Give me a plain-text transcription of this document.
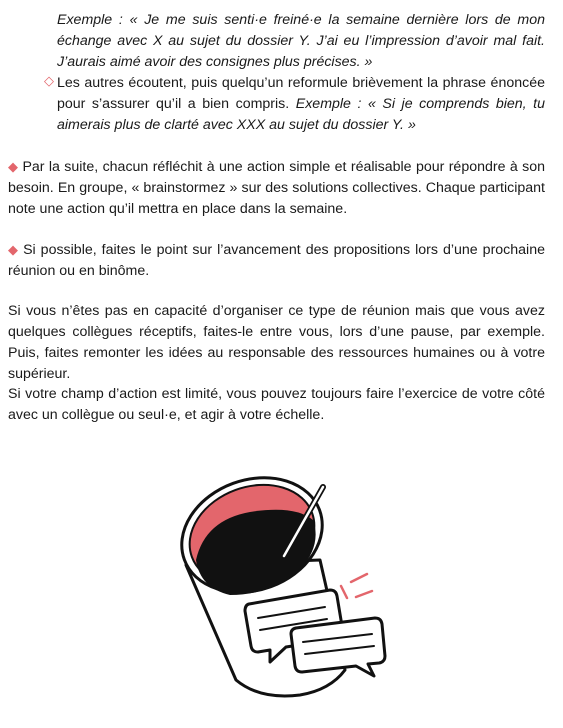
Exemple : « Je me suis senti·e freiné·e la semaine dernière lors de mon échange avec X au sujet du dossier Y. J’ai eu l’impression d’avoir mal fait. J’aurais aimé avoir des consignes plus précises. »
◇ Les autres écoutent, puis quelqu’un reformule brièvement la phrase énoncée pour s’assurer qu’il a bien compris. Exemple : « Si je comprends bien, tu aimerais plus de clarté avec XXX au sujet du dossier Y. »
◆ Par la suite, chacun réfléchit à une action simple et réalisable pour répondre à son besoin. En groupe, « brainstormez » sur des solutions collectives. Chaque participant note une action qu’il mettra en place dans la semaine.
◆ Si possible, faites le point sur l’avancement des propositions lors d’une prochaine réunion ou en binôme.
Si vous n’êtes pas en capacité d’organiser ce type de réunion mais que vous avez quelques collègues réceptifs, faites-le entre vous, lors d’une pause, par exemple. Puis, faites remonter les idées au responsable des ressources humaines ou à votre supérieur.
Si votre champ d’action est limité, vous pouvez toujours faire l’exercice de votre côté avec un collègue ou seul·e, et agir à votre échelle.
